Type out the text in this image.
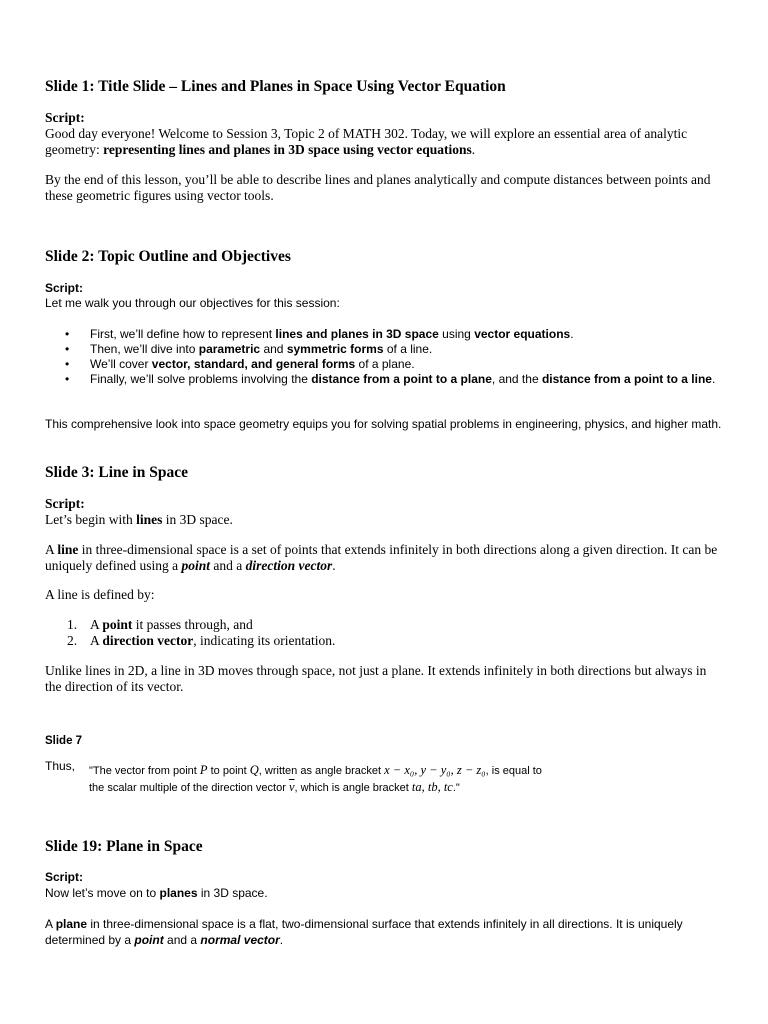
Slide 1: Title Slide – Lines and Planes in Space Using Vector Equation
Script:

Good day everyone! Welcome to Session 3, Topic 2 of MATH 302. Today, we will explore an essential area of analytic geometry: representing lines and planes in 3D space using vector equations.

By the end of this lesson, you’ll be able to describe lines and planes analytically and compute distances between points and these geometric figures using vector tools.

Slide 2: Topic Outline and Objectives
Script:

Let me walk you through our objectives for this session:

• First, we’ll define how to represent lines and planes in 3D space using vector equations.
• Then, we’ll dive into parametric and symmetric forms of a line.
• We’ll cover vector, standard, and general forms of a plane.
• Finally, we’ll solve problems involving the distance from a point to a plane, and the distance from a point to a line.

This comprehensive look into space geometry equips you for solving spatial problems in engineering, physics, and higher math.

Slide 3: Line in Space
Script:

Let’s begin with lines in 3D space.

A line in three-dimensional space is a set of points that extends infinitely in both directions along a given direction. It can be uniquely defined using a point and a direction vector.

A line is defined by:

1. A point it passes through, and
2. A direction vector, indicating its orientation.

Unlike lines in 2D, a line in 3D moves through space, not just a plane. It extends infinitely in both directions but always in the direction of its vector.

Slide 7
Thus,	"The vector from point P to point Q, written as angle bracket x − x₀, y − y₀, z − z₀, is equal to
the scalar multiple of the direction vector $\overline{v}$, which is angle bracket ta, tb, tc."
Slide 19: Plane in Space
Script:

Now let’s move on to planes in 3D space.

A plane in three-dimensional space is a flat, two-dimensional surface that extends infinitely in all directions. It is uniquely determined by a point and a normal vector.
